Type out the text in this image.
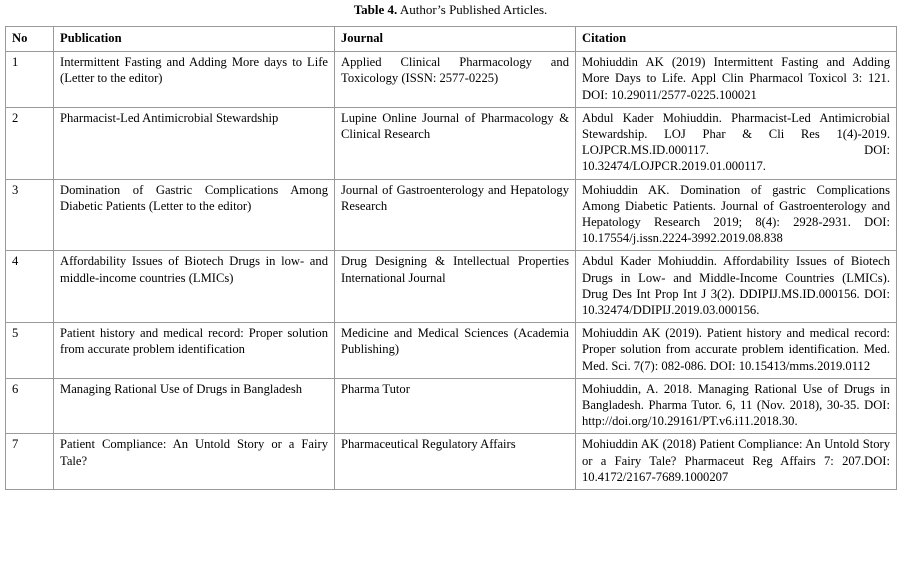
Table 4. Author’s Published Articles.
No	Publication	Journal	Citation
1	Intermittent Fasting and Adding More days to Life (Letter to the editor)	Applied Clinical Pharmacology and Toxicology (ISSN: 2577-0225)	Mohiuddin AK (2019) Intermittent Fasting and Adding More Days to Life. Appl Clin Pharmacol Toxicol 3: 121. DOI: 10.29011/2577-0225.100021
2	Pharmacist-Led Antimicrobial Stewardship	Lupine Online Journal of Pharmacology & Clinical Research	Abdul Kader Mohiuddin. Pharmacist-Led Antimicrobial Stewardship. LOJ Phar & Cli Res 1(4)-2019. LOJPCR.MS.ID.000117. DOI: 10.32474/LOJPCR.2019.01.000117.
3	Domination of Gastric Complications Among Diabetic Patients (Letter to the editor)	Journal of Gastroenterology and Hepatology Research	Mohiuddin AK. Domination of gastric Complications Among Diabetic Patients. Journal of Gastroenterology and Hepatology Research 2019; 8(4): 2928-2931. DOI: 10.17554/j.issn.2224-3992.2019.08.838
4	Affordability Issues of Biotech Drugs in low- and middle-income countries (LMICs)	Drug Designing & Intellectual Properties International Journal	Abdul Kader Mohiuddin. Affordability Issues of Biotech Drugs in Low- and Middle-Income Countries (LMICs). Drug Des Int Prop Int J 3(2). DDIPIJ.MS.ID.000156. DOI: 10.32474/DDIPIJ.2019.03.000156.
5	Patient history and medical record: Proper solution from accurate problem identification	Medicine and Medical Sciences (Academia Publishing)	Mohiuddin AK (2019). Patient history and medical record: Proper solution from accurate problem identification. Med. Med. Sci. 7(7): 082-086. DOI: 10.15413/mms.2019.0112
6	Managing Rational Use of Drugs in Bangladesh	Pharma Tutor	Mohiuddin, A. 2018. Managing Rational Use of Drugs in Bangladesh. Pharma Tutor. 6, 11 (Nov. 2018), 30-35. DOI: http://doi.org/10.29161/PT.v6.i11.2018.30.
7	Patient Compliance: An Untold Story or a Fairy Tale?	Pharmaceutical Regulatory Affairs	Mohiuddin AK (2018) Patient Compliance: An Untold Story or a Fairy Tale? Pharmaceut Reg Affairs 7: 207.DOI: 10.4172/2167-7689.1000207
